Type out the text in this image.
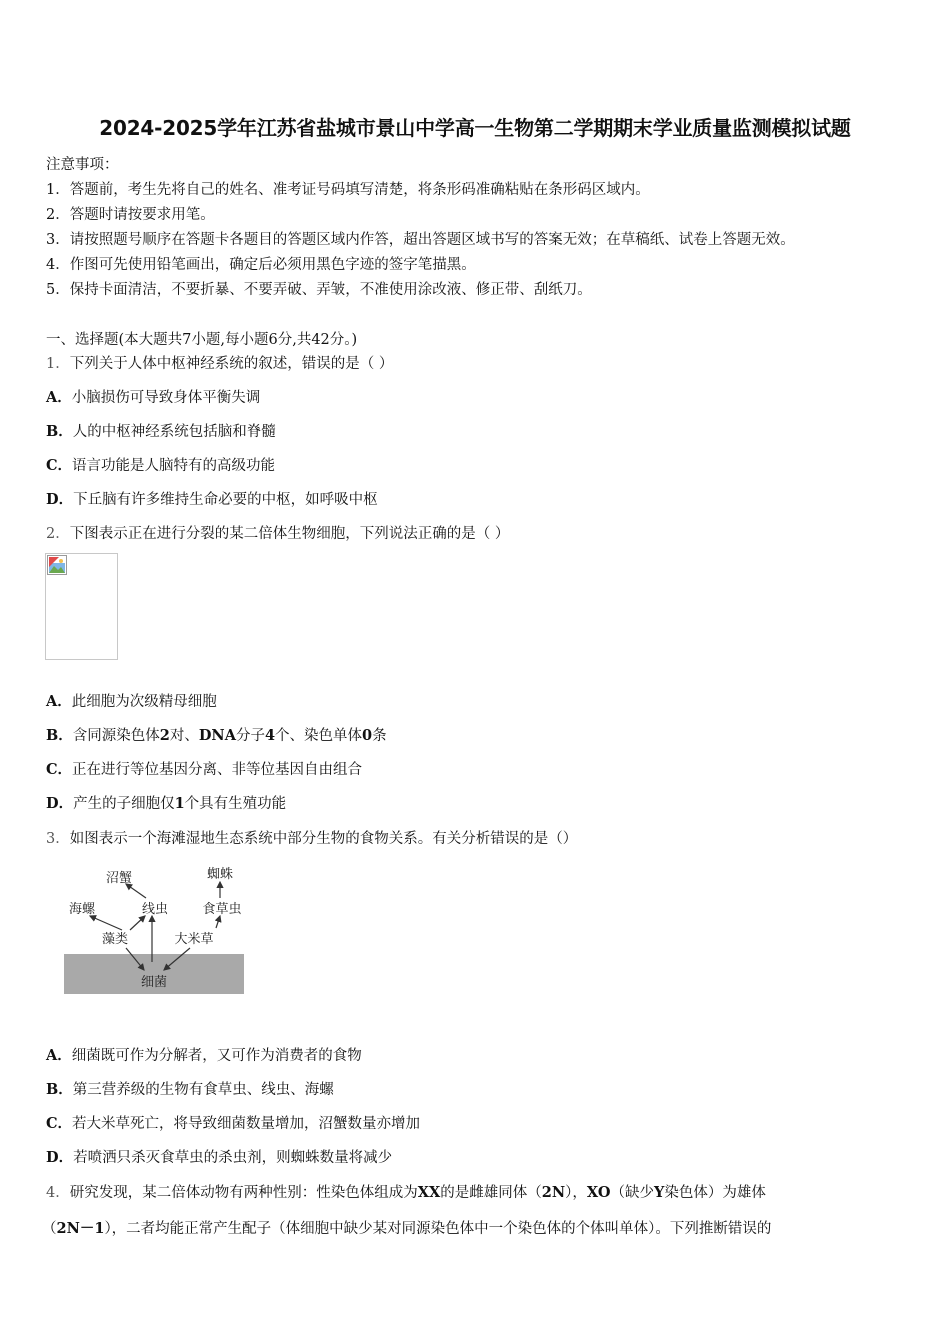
2024-2025学年江苏省盐城市景山中学高一生物第二学期期末学业质量监测模拟试题
注意事项：
1．答题前，考生先将自己的姓名、准考证号码填写清楚，将条形码准确粘贴在条形码区域内。
2．答题时请按要求用笔。
3．请按照题号顺序在答题卡各题目的答题区域内作答，超出答题区域书写的答案无效；在草稿纸、试卷上答题无效。
4．作图可先使用铅笔画出，确定后必须用黑色字迹的签字笔描黑。
5．保持卡面清洁，不要折暴、不要弄破、弄皱，不准使用涂改液、修正带、刮纸刀。
一、选择题(本大题共7小题,每小题6分,共42分。)
1．下列关于人体中枢神经系统的叙述，错误的是（ ）
A．小脑损伤可导致身体平衡失调
B．人的中枢神经系统包括脑和脊髓
C．语言功能是人脑特有的高级功能
D．下丘脑有许多维持生命必要的中枢，如呼吸中枢
2．下图表示正在进行分裂的某二倍体生物细胞，下列说法正确的是（ ）
A．此细胞为次级精母细胞
B．含同源染色体2对、DNA分子4个、染色单体0条
C．正在进行等位基因分离、非等位基因自由组合
D．产生的子细胞仅1个具有生殖功能
3．如图表示一个海滩湿地生态系统中部分生物的食物关系。有关分析错误的是（）
沼蟹	蜘蛛
海螺	线虫	食草虫
藻类	大米草
细菌
A．细菌既可作为分解者，又可作为消费者的食物
B．第三营养级的生物有食草虫、线虫、海螺
C．若大米草死亡，将导致细菌数量增加，沼蟹数量亦增加
D．若喷洒只杀灭食草虫的杀虫剂，则蜘蛛数量将减少
4．研究发现，某二倍体动物有两种性别：性染色体组成为XX的是雌雄同体（2N），XO（缺少Y染色体）为雄体
（2N－1），二者均能正常产生配子（体细胞中缺少某对同源染色体中一个染色体的个体叫单体）。下列推断错误的
